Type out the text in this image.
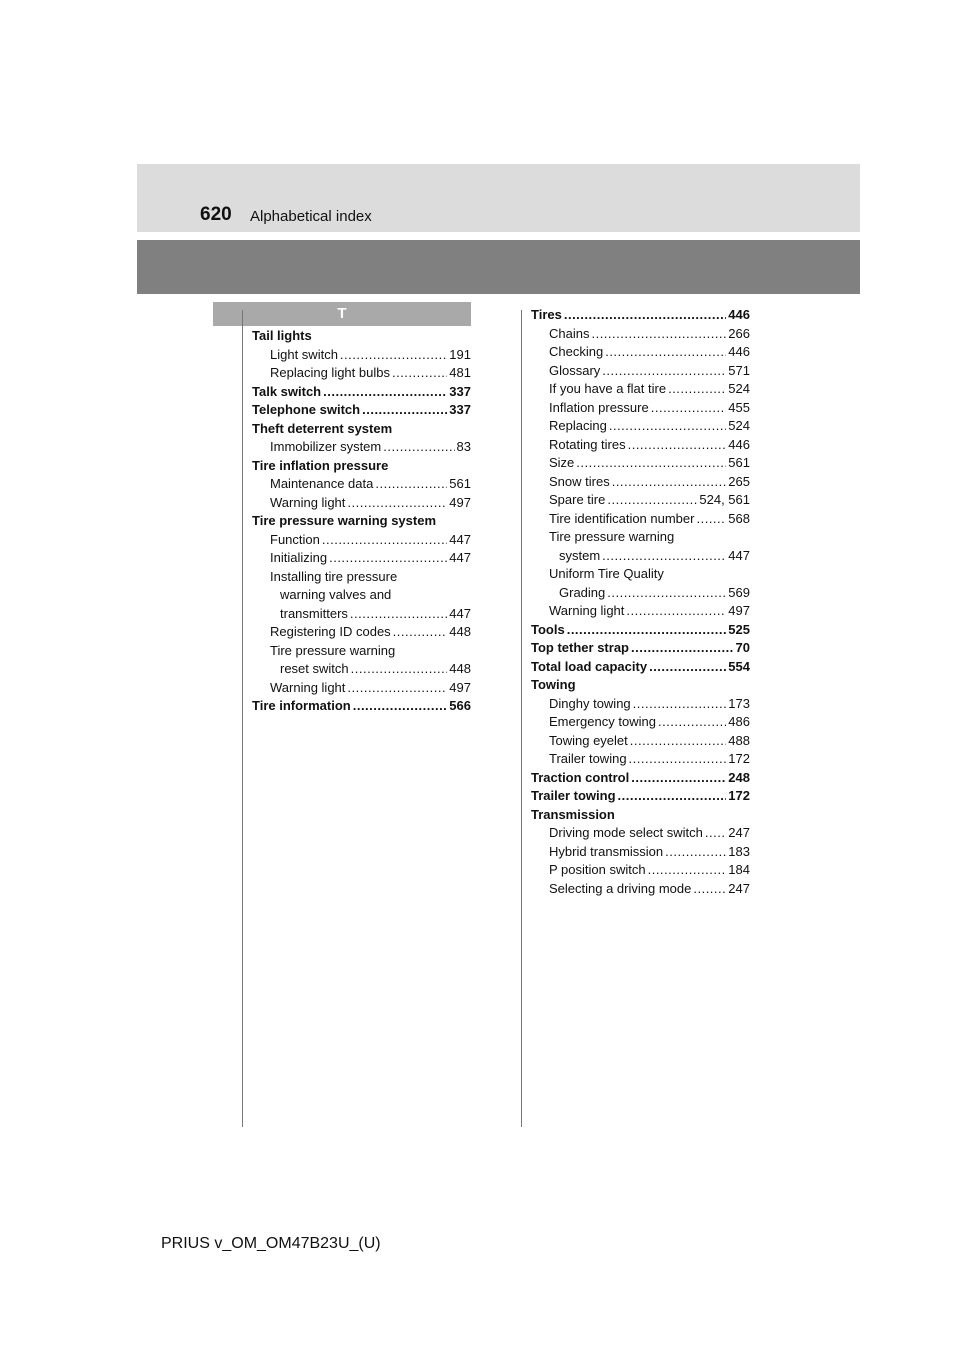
620 Alphabetical index
T
Tail lights
Light switch .....	191
Replacing light bulbs .....	481
Talk switch .....	337
Telephone switch .....	337
Theft deterrent system
Immobilizer system .....	83
Tire inflation pressure
Maintenance data .....	561
Warning light .....	497
Tire pressure warning system
Function .....	447
Initializing .....	447
Installing tire pressure
warning valves and
transmitters .....	447
Registering ID codes .....	448
Tire pressure warning
reset switch .....	448
Warning light .....	497
Tire information .....	566
Tires .....	446
Chains .....	266
Checking .....	446
Glossary .....	571
If you have a flat tire .....	524
Inflation pressure .....	455
Replacing .....	524
Rotating tires .....	446
Size .....	561
Snow tires .....	265
Spare tire .....	524, 561
Tire identification number .....	568
Tire pressure warning
system .....	447
Uniform Tire Quality
Grading .....	569
Warning light .....	497
Tools .....	525
Top tether strap .....	70
Total load capacity .....	554
Towing
Dinghy towing .....	173
Emergency towing .....	486
Towing eyelet .....	488
Trailer towing .....	172
Traction control .....	248
Trailer towing .....	172
Transmission
Driving mode select switch ..... 247
Hybrid transmission .....	183
P position switch .....	184
Selecting a driving mode .....	247
PRIUS v_OM_OM47B23U_(U)
